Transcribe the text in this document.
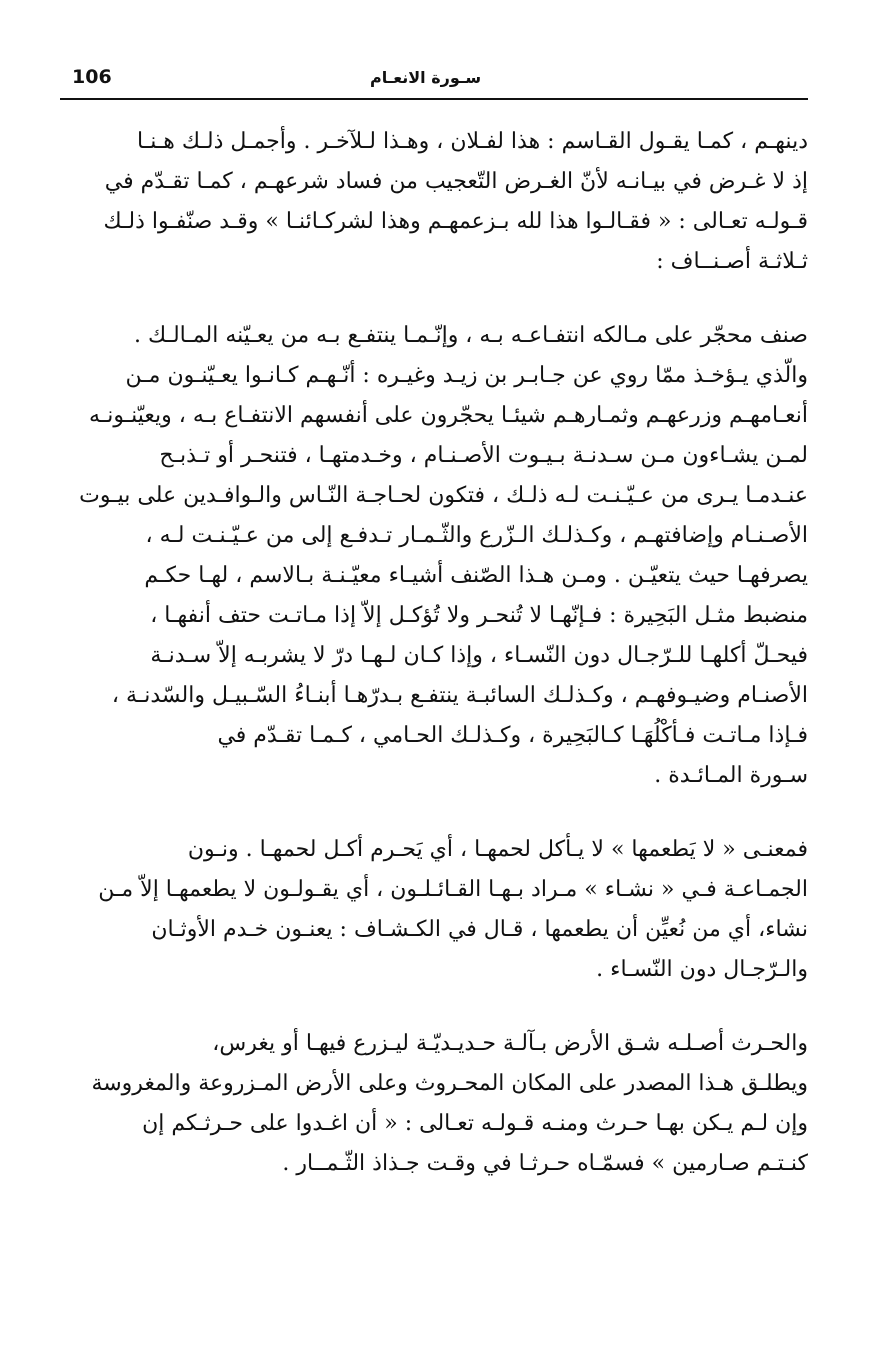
106	سـورة الانعـام
دينهـم ، كمـا يقـول القـاسم : هذا لفـلان ، وهـذا لـلآخـر . وأجمـل ذلـك هـنـا
إذ لا غـرض في بيـانـه لأنّ الغـرض التّعجيب من فساد شرعهـم ، كمـا تقـدّم في
قـولـه تعـالى : « فقـالـوا هذا لله بـزعمهـم وهذا لشركـائنـا » وقـد صنّفـوا ذلـك
ثـلاثـة أصـنــاف :
صنف محجّر على مـالكه انتفـاعـه بـه ، وإنّـمـا ينتفـع بـه من يعـيّنه المـالـك .
والّذي يـؤخـذ ممّا روي عن جـابـر بن زيـد وغيـره : أنّـهـم كـانـوا يعـيّنـون مـن
أنعـامهـم وزرعهـم وثمـارهـم شيئـا يحجّرون على أنفسهم الانتفـاع بـه ، ويعيّنـونـه
لمـن يشـاءون مـن سـدنـة بـيـوت الأصـنـام ، وخـدمتهـا ، فتنحـر أو تـذبـح
عنـدمـا يـرى من عـيّـنـت لـه ذلـك ، فتكون لحـاجـة النّـاس والـوافـدين على بيـوت
الأصـنـام وإضافتهـم ، وكـذلـك الـزّرع والثّـمـار تـدفـع إلى من عـيّـنـت لـه ،
يصرفهـا حيث يتعيّـن . ومـن هـذا الصّنف أشيـاء معيّـنـة بـالاسم ، لهـا حكـم
منضبط مثـل البَحِيرة : فـإنّهـا لا تُنحـر ولا تُؤكـل إلاّ إذا مـاتـت حتف أنفهـا ،
فيحـلّ أكلهـا للـرّجـال دون النّسـاء ، وإذا كـان لـهـا درّ لا يشربـه إلاّ سـدنـة
الأصنـام وضيـوفهـم ، وكـذلـك السائبـة ينتفـع بـدرّهـا أبنـاءُ السّـبيـل والسّدنـة ،
فـإذا مـاتـت فـأكْلُهَـا كـالبَحِيرة ، وكـذلـك الحـامي ، كـمـا تقـدّم في
سـورة المـائـدة .
فمعنـى « لا يَطعمها » لا يـأكل لحمهـا ، أي يَحـرم أكـل لحمهـا . ونـون
الجمـاعـة فـي « نشـاء » مـراد بـهـا القـائـلـون ، أي يقـولـون لا يطعمهـا إلاّ مـن
نشاء، أي من نُعيِّن أن يطعمها ، قـال في الكـشـاف : يعنـون خـدم الأوثـان
والـرّجـال دون النّسـاء .
والحـرث أصـلـه شـق الأرض بـآلـة حـديـديّـة ليـزرع فيهـا أو يغرس،
ويطلـق هـذا المصدر على المكان المحـروث وعلى الأرض المـزروعة والمغروسة
وإن لـم يـكن بهـا حـرث ومنـه قـولـه تعـالى : « أن اغـدوا على حـرثـكم إن
كنـتـم صـارمين » فسمّـاه حـرثـا في وقـت جـذاذ الثّـمــار .
